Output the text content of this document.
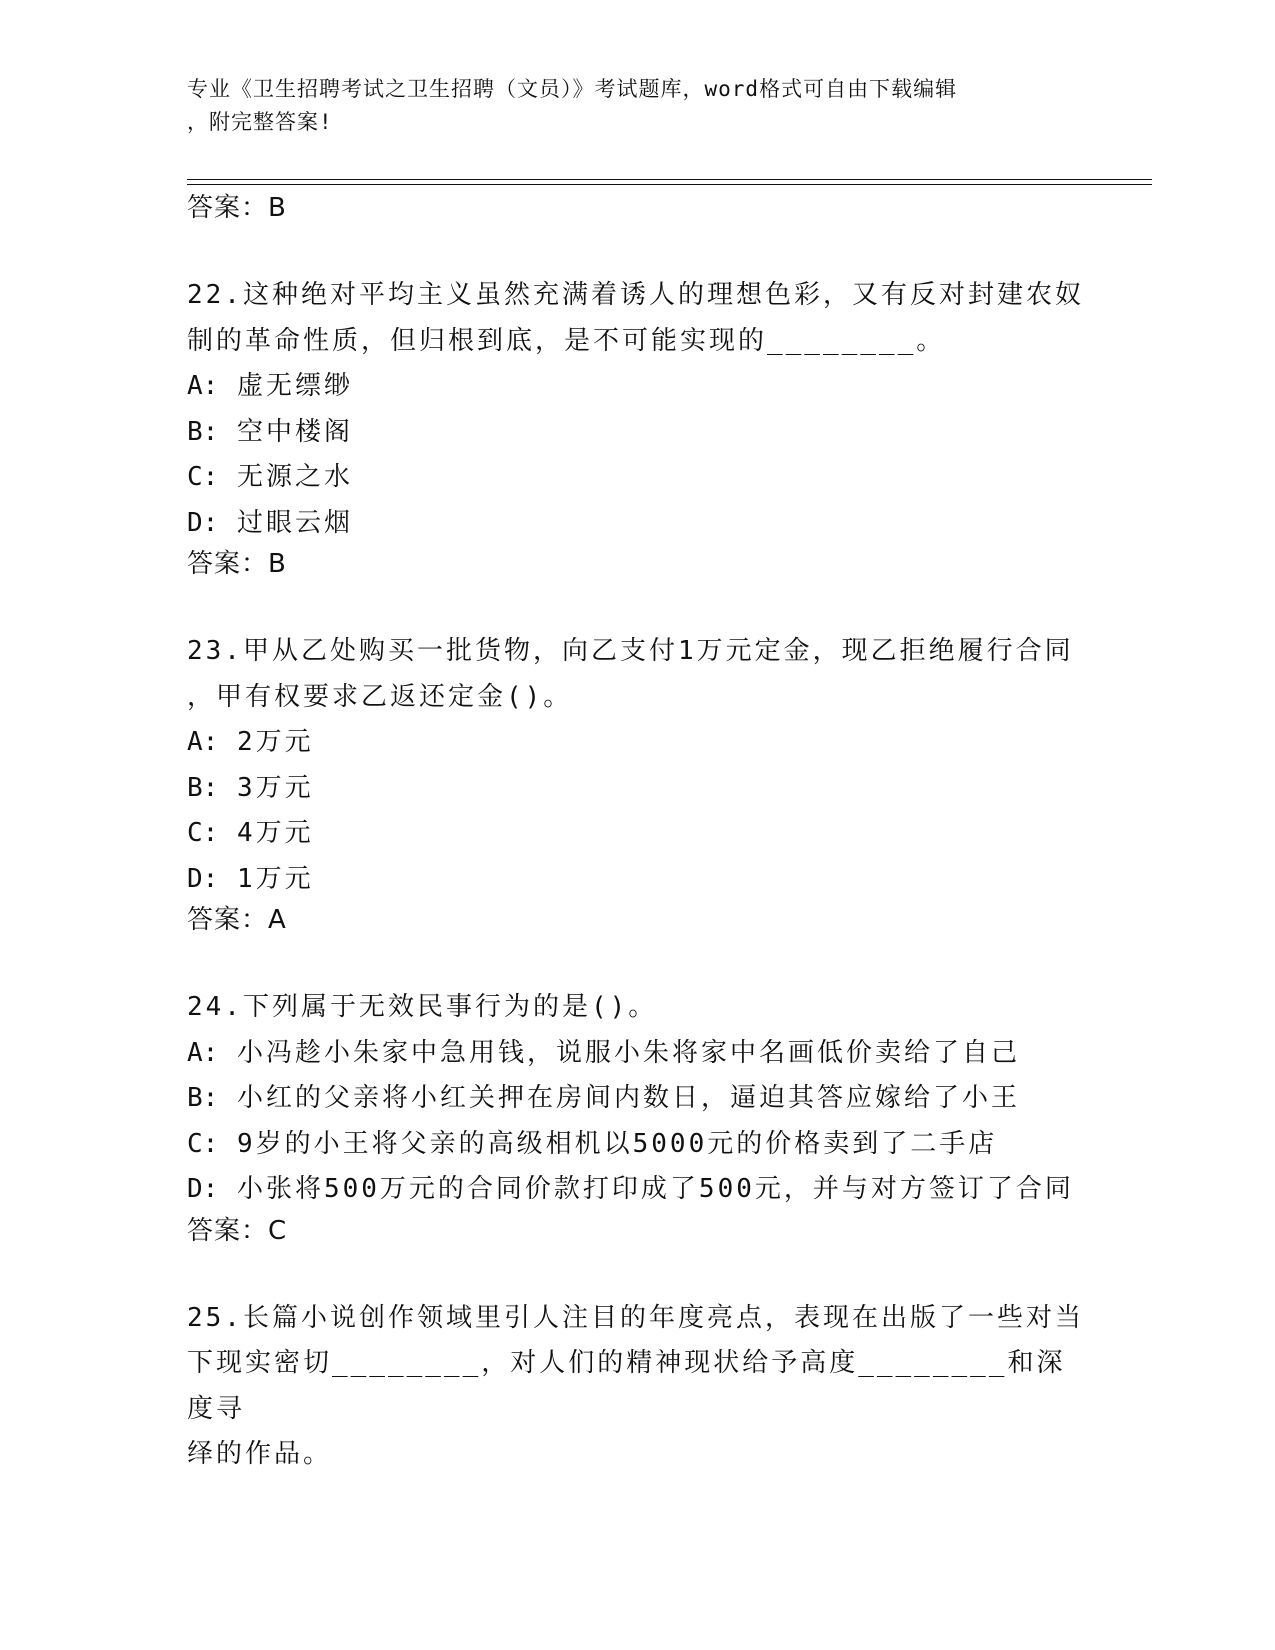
专业《卫生招聘考试之卫生招聘（文员）》考试题库，word格式可自由下载编辑
，附完整答案!
答案：B
22.这种绝对平均主义虽然充满着诱人的理想色彩，又有反对封建农奴
制的革命性质，但归根到底，是不可能实现的________。
A: 虚无缥缈
B: 空中楼阁
C: 无源之水
D: 过眼云烟
答案：B
23.甲从乙处购买一批货物，向乙支付1万元定金，现乙拒绝履行合同
，甲有权要求乙返还定金()。
A: 2万元
B: 3万元
C: 4万元
D: 1万元
答案：A
24.下列属于无效民事行为的是()。
A: 小冯趁小朱家中急用钱，说服小朱将家中名画低价卖给了自己
B: 小红的父亲将小红关押在房间内数日，逼迫其答应嫁给了小王
C: 9岁的小王将父亲的高级相机以5000元的价格卖到了二手店
D: 小张将500万元的合同价款打印成了500元，并与对方签订了合同
答案：C
25.长篇小说创作领域里引人注目的年度亮点，表现在出版了一些对当
下现实密切________，对人们的精神现状给予高度________和深度寻
绎的作品。
